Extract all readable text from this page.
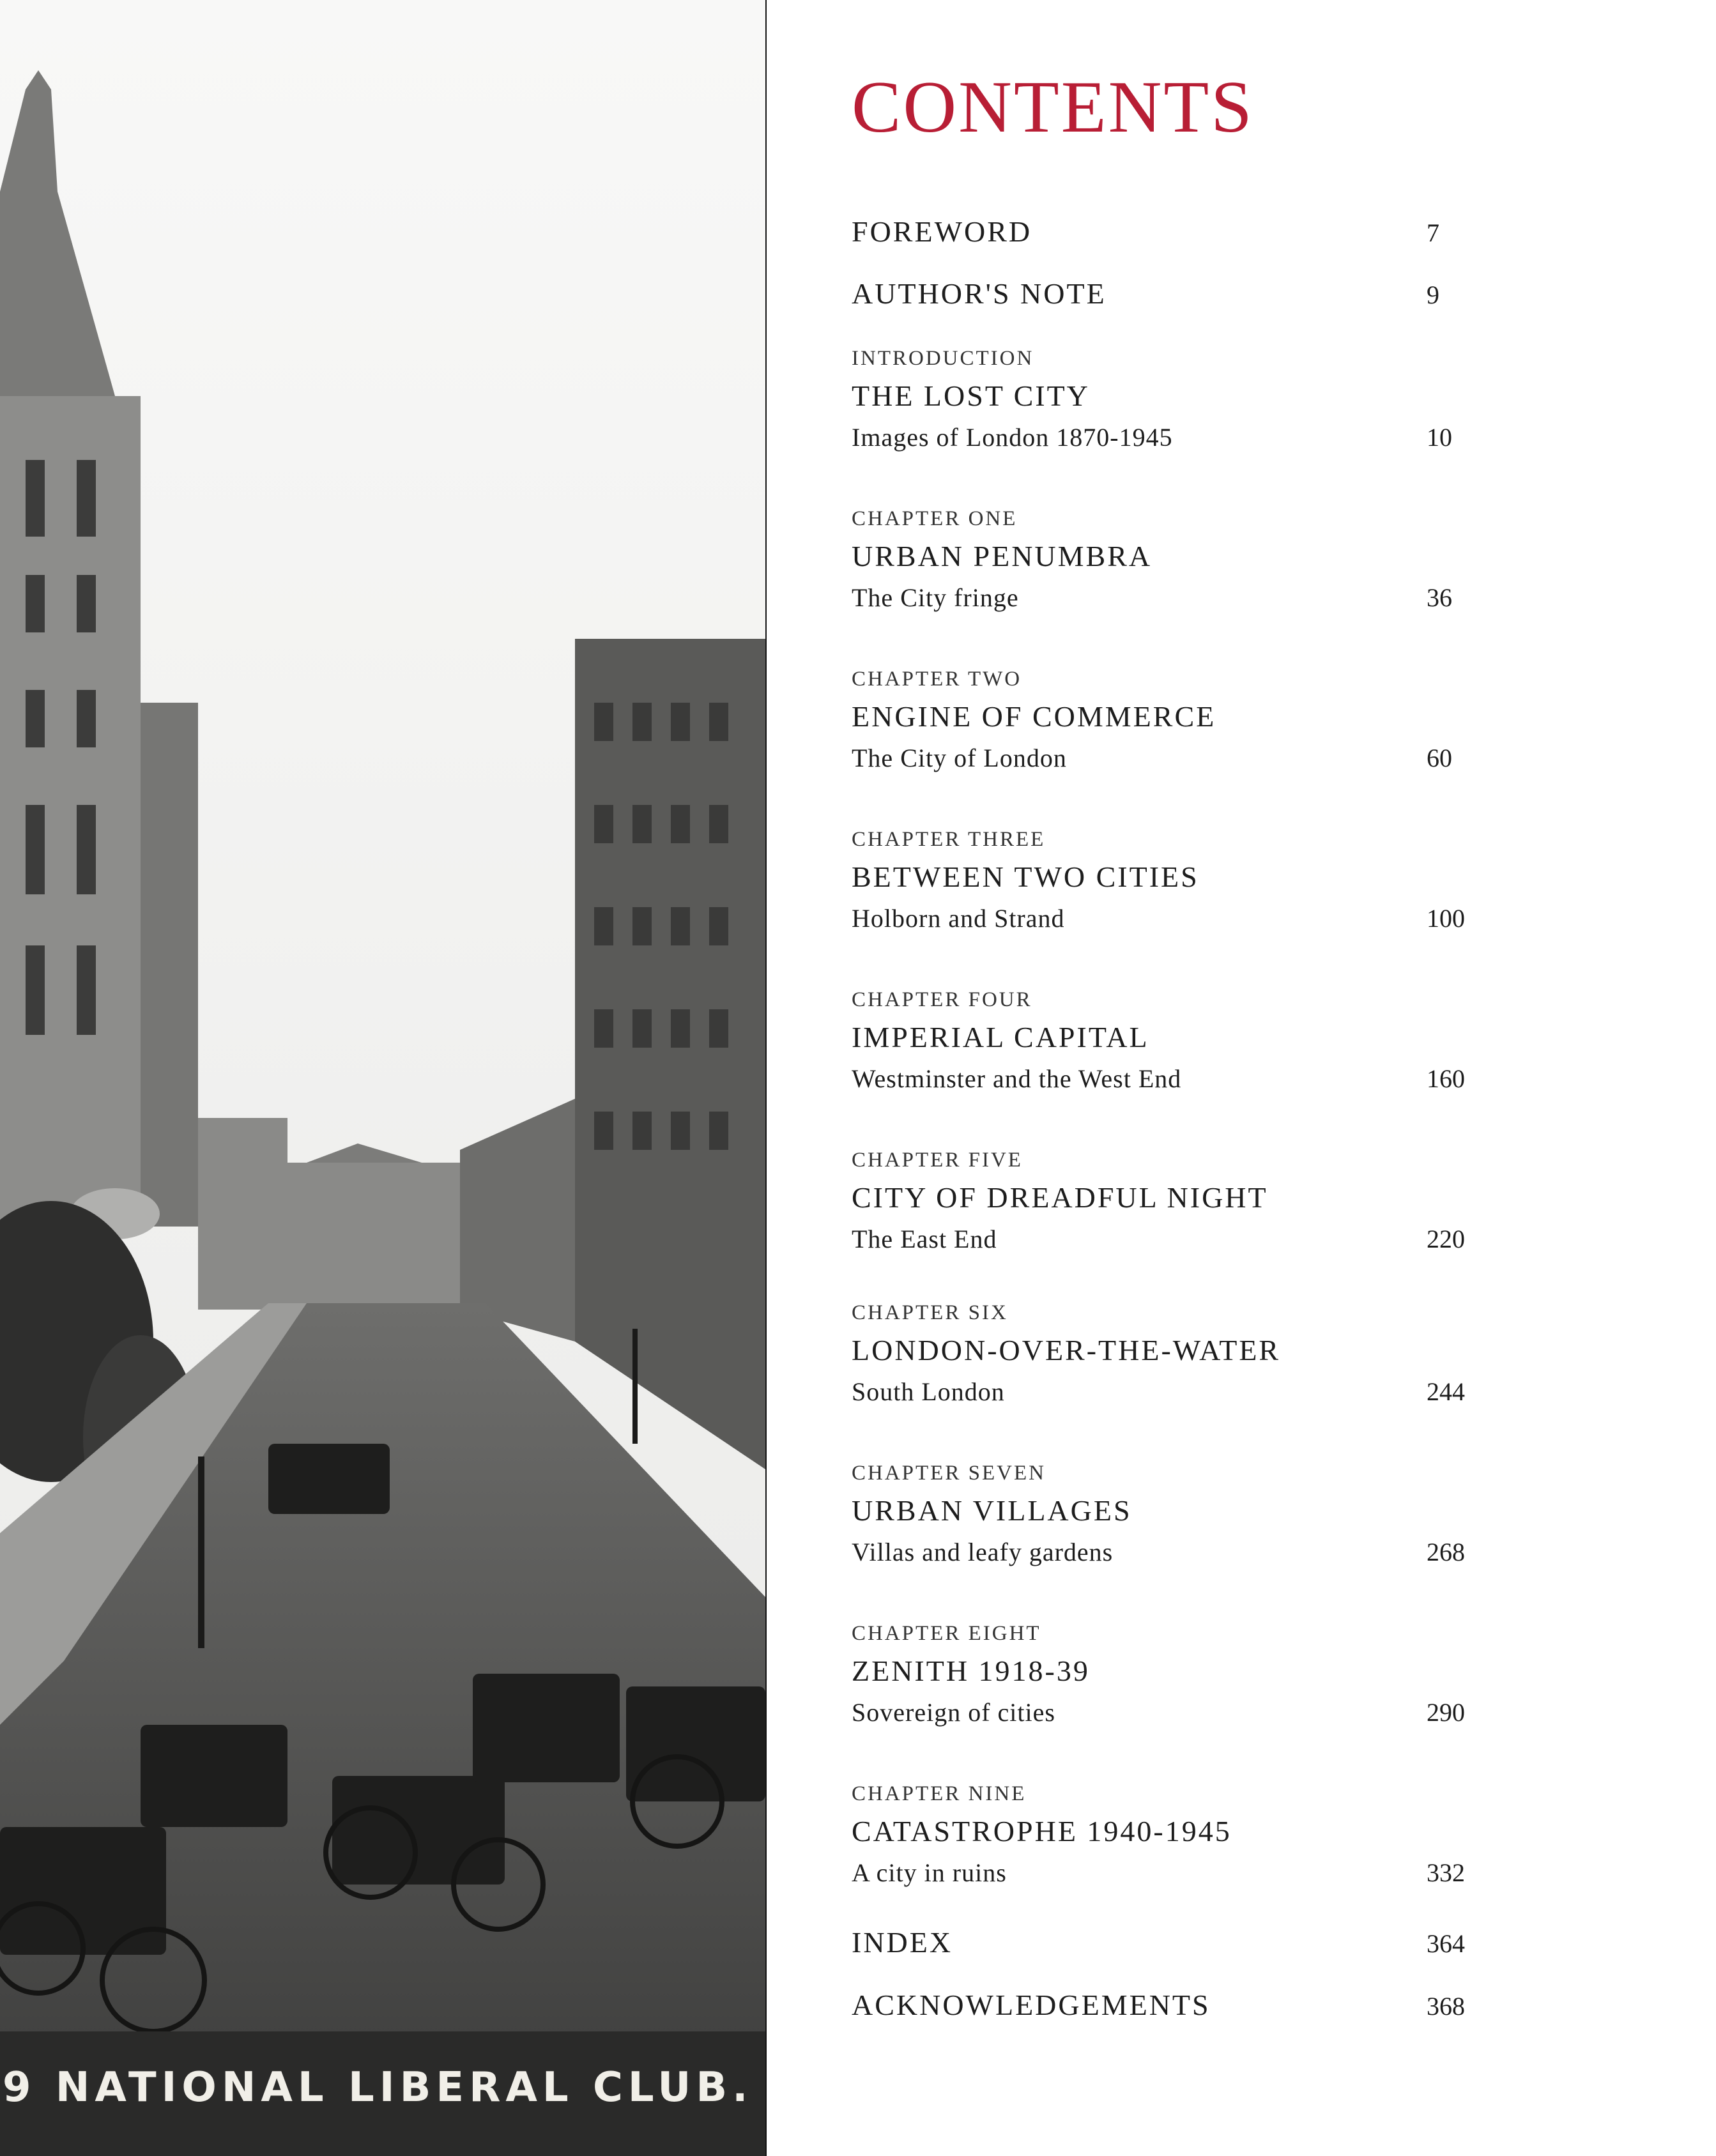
9 NATIONAL LIBERAL CLUB.
CONTENTS
FOREWORD	7
AUTHOR'S NOTE	9
INTRODUCTION
THE LOST CITY
Images of London 1870-1945	10
CHAPTER ONE
URBAN PENUMBRA
The City fringe	36
CHAPTER TWO
ENGINE OF COMMERCE
The City of London	60
CHAPTER THREE
BETWEEN TWO CITIES
Holborn and Strand	100
CHAPTER FOUR
IMPERIAL CAPITAL
Westminster and the West End	160
CHAPTER FIVE
CITY OF DREADFUL NIGHT
The East End	220
CHAPTER SIX
LONDON-OVER-THE-WATER
South London	244
CHAPTER SEVEN
URBAN VILLAGES
Villas and leafy gardens	268
CHAPTER EIGHT
ZENITH 1918-39
Sovereign of cities	290
CHAPTER NINE
CATASTROPHE 1940-1945
A city in ruins	332
INDEX	364
ACKNOWLEDGEMENTS	368
